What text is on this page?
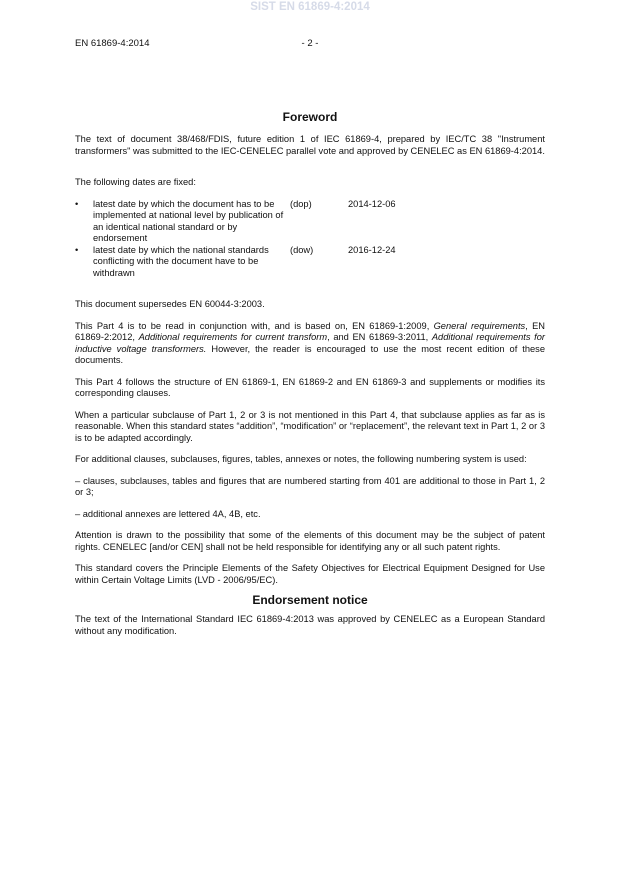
SIST EN 61869-4:2014
EN 61869-4:2014	- 2 -
Foreword

The text of document 38/468/FDIS, future edition 1 of IEC 61869-4, prepared by IEC/TC 38 "Instrument transformers" was submitted to the IEC-CENELEC parallel vote and approved by CENELEC as EN 61869-4:2014.

The following dates are fixed:

•	latest date by which the document has to be implemented at national level by publication of an identical national standard or by endorsement	(dop)	2014-12-06
•	latest date by which the national standards conflicting with the document have to be withdrawn	(dow)	2016-12-24

This document supersedes EN 60044-3:2003.

This Part 4 is to be read in conjunction with, and is based on, EN 61869-1:2009, General requirements, EN 61869-2:2012, Additional requirements for current transform, and EN 61869-3:2011, Additional requirements for inductive voltage transformers. However, the reader is encouraged to use the most recent edition of these documents.

This Part 4 follows the structure of EN 61869-1, EN 61869-2 and EN 61869-3 and supplements or modifies its corresponding clauses.

When a particular subclause of Part 1, 2 or 3 is not mentioned in this Part 4, that subclause applies as far as is reasonable. When this standard states “addition”, “modification” or “replacement”, the relevant text in Part 1, 2 or 3 is to be adapted accordingly.

For additional clauses, subclauses, figures, tables, annexes or notes, the following numbering system is used:

– clauses, subclauses, tables and figures that are numbered starting from 401 are additional to those in Part 1, 2 or 3;

– additional annexes are lettered 4A, 4B, etc.

Attention is drawn to the possibility that some of the elements of this document may be the subject of patent rights. CENELEC [and/or CEN] shall not be held responsible for identifying any or all such patent rights.

This standard covers the Principle Elements of the Safety Objectives for Electrical Equipment Designed for Use within Certain Voltage Limits (LVD - 2006/95/EC).

Endorsement notice

The text of the International Standard IEC 61869-4:2013 was approved by CENELEC as a European Standard without any modification.
